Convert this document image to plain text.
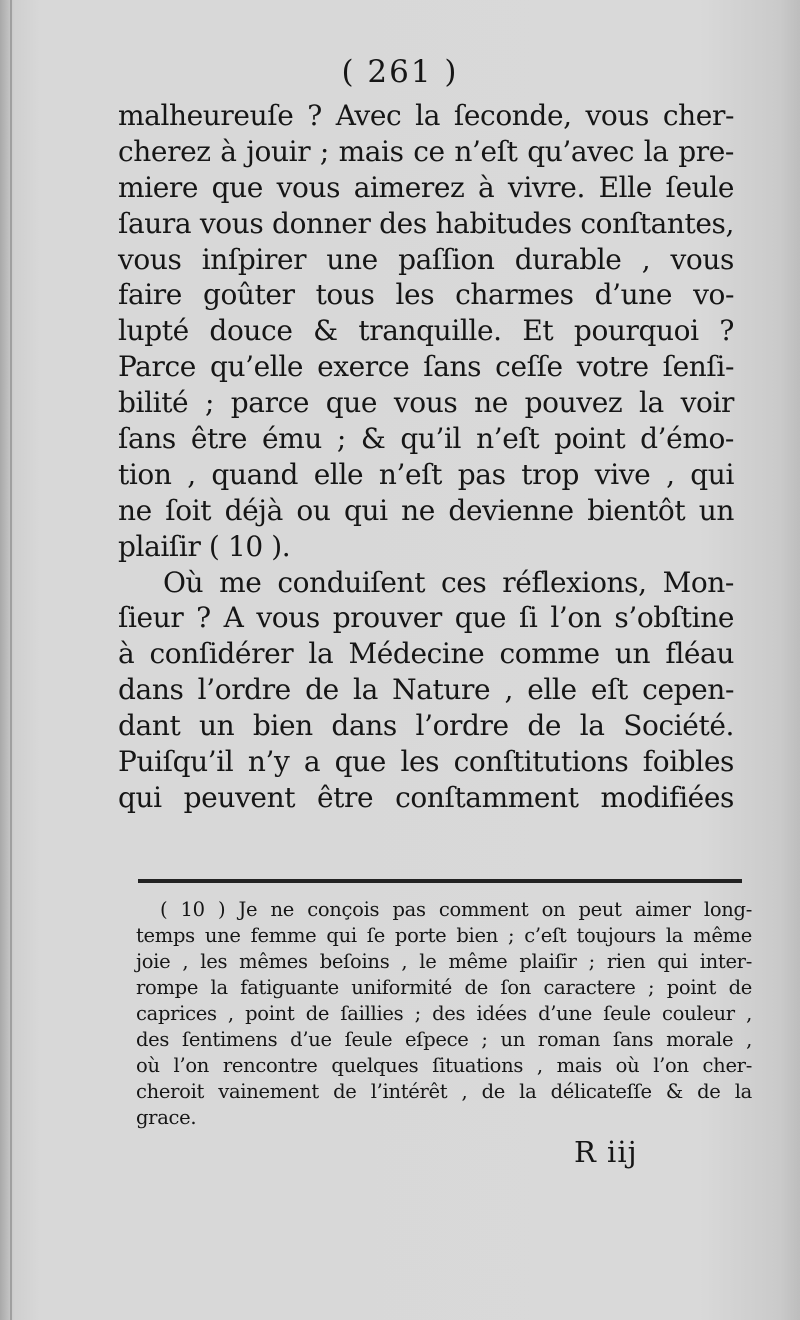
( 261 )
malheureuſe ? Avec la ſeconde, vous cher-
cherez à jouir ; mais ce n’eſt qu’avec la pre-
miere que vous aimerez à vivre. Elle ſeule
ſaura vous donner des habitudes conſtantes,
vous inſpirer une paſſion durable , vous
faire goûter tous les charmes d’une vo-
lupté douce & tranquille. Et pourquoi ?
Parce qu’elle exerce ſans ceſſe votre ſenſi-
bilité ; parce que vous ne pouvez la voir
ſans être ému ; & qu’il n’eſt point d’émo-
tion , quand elle n’eſt pas trop vive , qui
ne ſoit déjà ou qui ne devienne bientôt un
plaiſir ( 10 ).
Où me conduiſent ces réflexions, Mon-
ſieur ? A vous prouver que ſi l’on s’obſtine
à conſidérer la Médecine comme un fléau
dans l’ordre de la Nature , elle eſt cepen-
dant un bien dans l’ordre de la Société.
Puiſqu’il n’y a que les conſtitutions foibles
qui peuvent être conſtamment modifiées
( 10 ) Je ne conçois pas comment on peut aimer long-
temps une femme qui ſe porte bien ; c’eſt toujours la même
joie , les mêmes beſoins , le même plaiſir ; rien qui inter-
rompe la fatiguante uniformité de ſon caractere ; point de
caprices , point de ſaillies ; des idées d’une ſeule couleur ,
des ſentimens d’ue ſeule eſpece ; un roman ſans morale ,
où l’on rencontre quelques ſituations , mais où l’on cher-
cheroit vainement de l’intérêt , de la délicateſſe & de la
grace.
R iij
